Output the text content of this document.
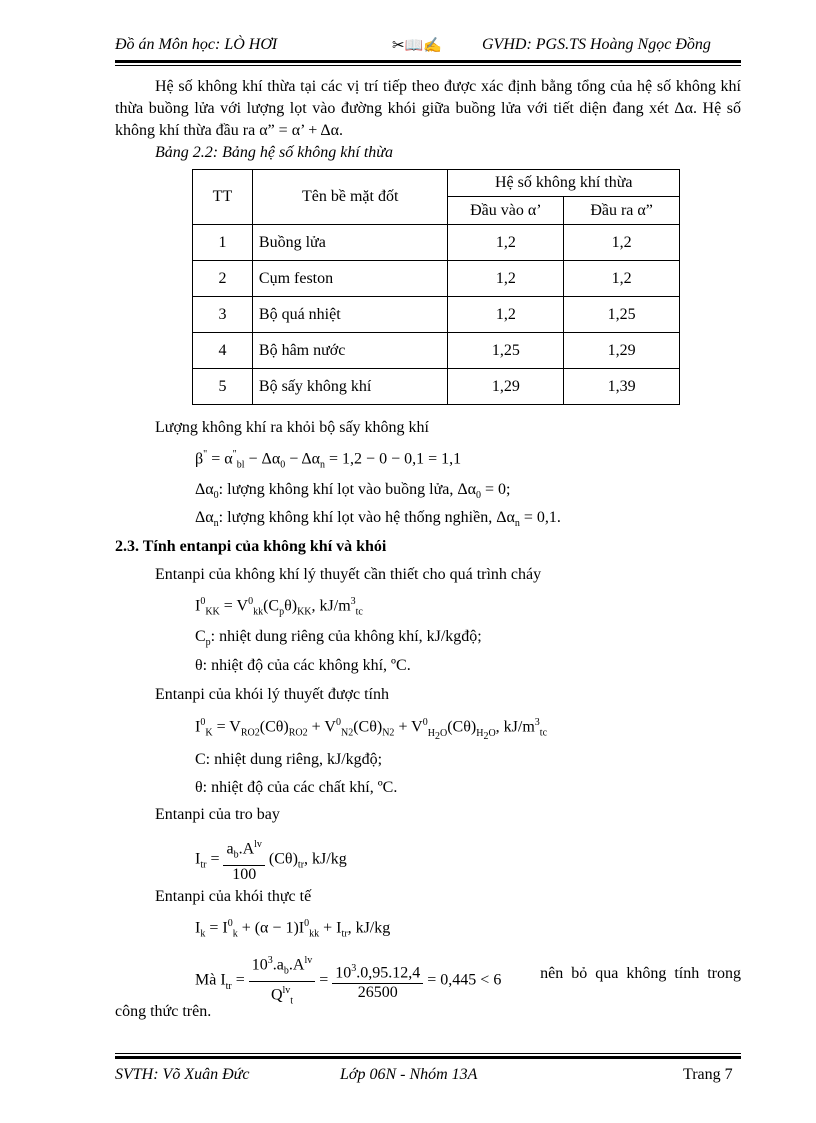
Đồ án Môn học: LÒ HƠI	✂📖✍	GVHD: PGS.TS Hoàng Ngọc Đồng

Hệ số không khí thừa tại các vị trí tiếp theo được xác định bằng tổng của hệ số không khí thừa buồng lửa với lượng lọt vào đường khói giữa buồng lửa với tiết diện đang xét Δα. Hệ số không khí thừa đầu ra α” = α’ + Δα.

Bảng 2.2: Bảng hệ số không khí thừa
TT	Tên bề mặt đốt	Hệ số không khí thừa	
		Đầu vào α’	Đầu ra α”
1	Buồng lửa	1,2	1,2
2	Cụm feston	1,2	1,2
3	Bộ quá nhiệt	1,2	1,25
4	Bộ hâm nước	1,25	1,29
5	Bộ sấy không khí	1,29	1,39
Lượng không khí ra khỏi bộ sấy không khí
$\beta^" = \alpha^"_{bl} - \Delta\alpha_0 - \Delta\alpha_n = 1,2 - 0 - 0,1 = 1,1$
$\Delta\alpha_0$: lượng không khí lọt vào buồng lửa, $\Delta\alpha_0 = 0$;
$\Delta\alpha_n$: lượng không khí lọt vào hệ thống nghiền, $\Delta\alpha_n = 0,1$.
2.3. Tính entanpi của không khí và khói
Entanpi của không khí lý thuyết cần thiết cho quá trình cháy
$I^0_{KK} = V^0_{kk}(C_p\theta)_{KK}$, $kJ/m^3_{tc}$
$C_p$: nhiệt dung riêng của không khí, kJ/kgđộ;
θ: nhiệt độ của các không khí, ºC.
Entanpi của khói lý thuyết được tính
$I^0_K = V_{RO2}(C\theta)_{RO2} + V^0_{N2}(C\theta)_{N2} + V^0_{H_2O}(C\theta)_{H_2O}$, $kJ/m^3_{tc}$
C: nhiệt dung riêng, kJ/kgđộ;
θ: nhiệt độ của các chất khí, ºC.
Entanpi của tro bay
$I_{tr} = \frac{a_b.A^{lv}}{100} (C\theta)_{tr}$, kJ/kg
Entanpi của khói thực tế
$I_k = I^0_k + (\alpha - 1)I^0_{kk} + I_{tr}$, kJ/kg
Mà $I_{tr} = \frac{10^3.a_b.A^{lv}}{Q^{lv}_t} = \frac{10^3.0,95.12,4}{26500} = 0,445 < 6$ nên bỏ qua không tính trong
công thức trên.
SVTH: Võ Xuân Đức	Lớp 06N - Nhóm 13A	Trang 7
